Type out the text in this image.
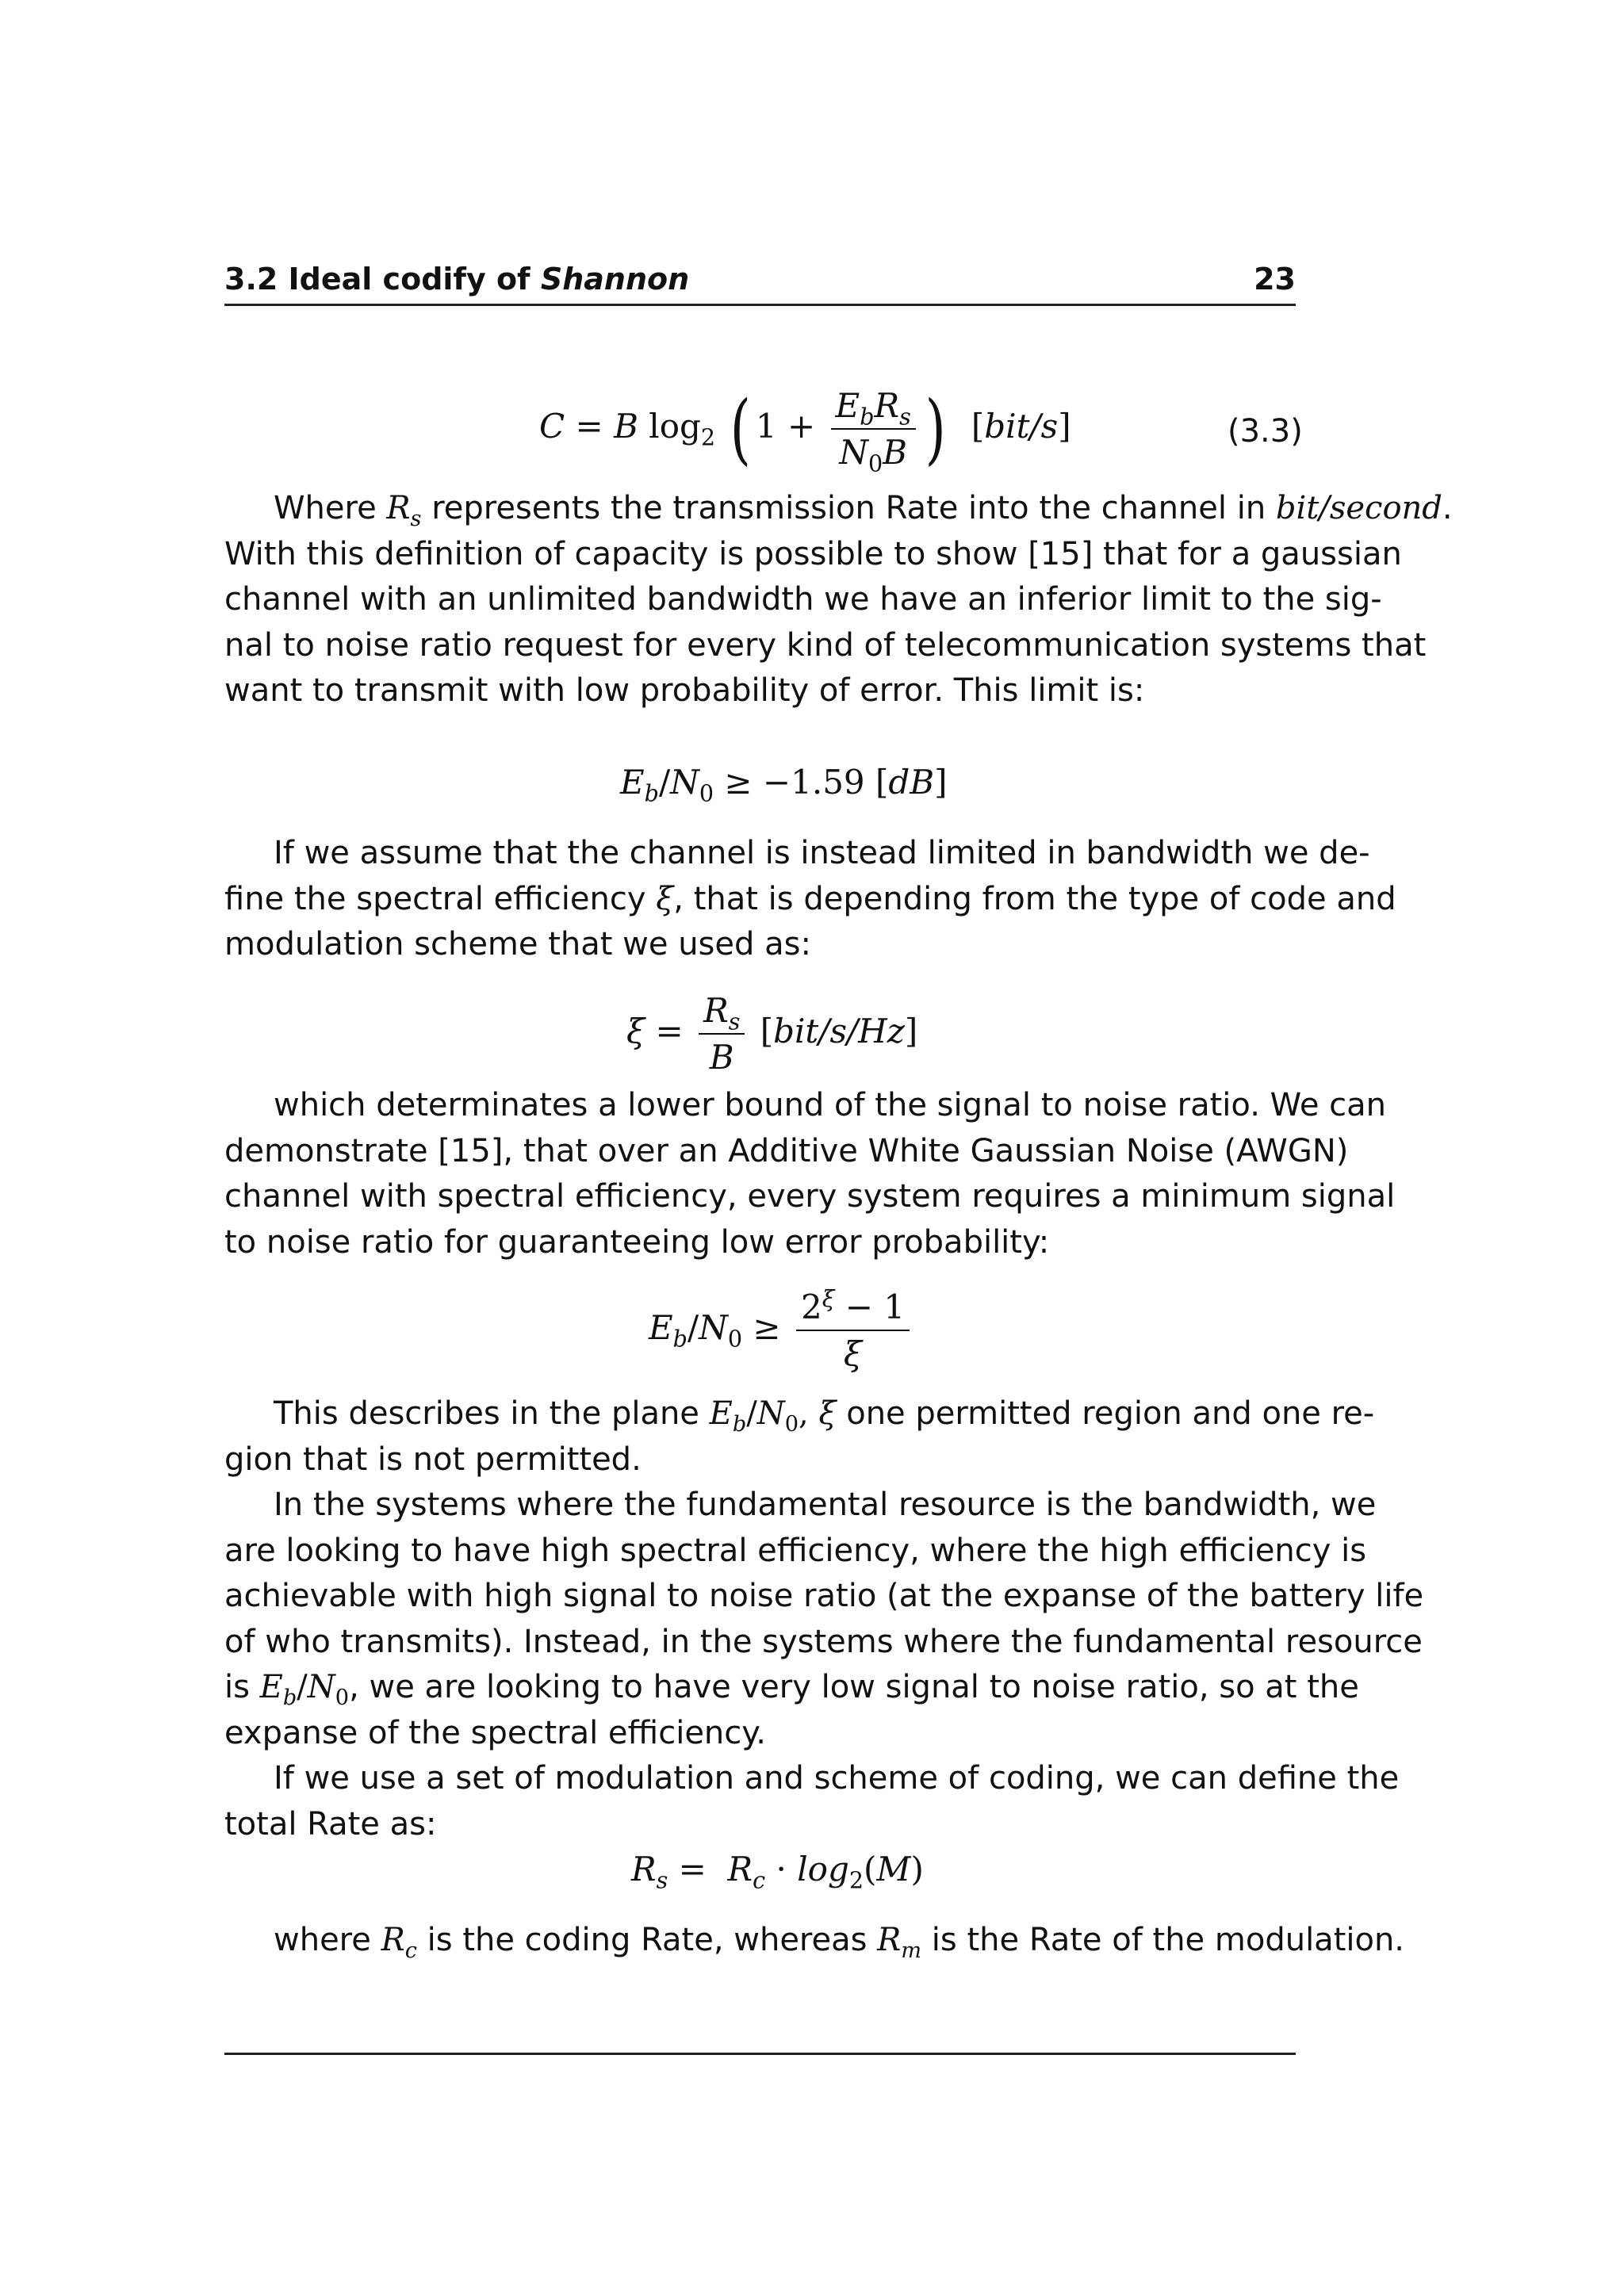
3.2 Ideal codify of Shannon	23
C = B $\log_2$ ( $1 + \frac{E_bR_s}{N_0B}$ ) [bit/s]	(3.3)
Where $R_s$ represents the transmission Rate into the channel in bit/second.
With this definition of capacity is possible to show [15] that for a gaussian
channel with an unlimited bandwidth we have an inferior limit to the sig-
nal to noise ratio request for every kind of telecommunication systems that
want to transmit with low probability of error. This limit is:
$E_b/N_0 \ge -1.59$ [dB]
If we assume that the channel is instead limited in bandwidth we de-
fine the spectral efficiency ξ, that is depending from the type of code and
modulation scheme that we used as:
$\xi = \frac{R_s}{B} [bit/s/Hz]$
which determinates a lower bound of the signal to noise ratio. We can
demonstrate [15], that over an Additive White Gaussian Noise (AWGN)
channel with spectral efficiency, every system requires a minimum signal
to noise ratio for guaranteeing low error probability:
$E_b/N_0 \ge \frac{2^\xi - 1}{\xi}$
This describes in the plane $E_b/N_0$, ξ one permitted region and one re-
gion that is not permitted.
In the systems where the fundamental resource is the bandwidth, we
are looking to have high spectral efficiency, where the high efficiency is
achievable with high signal to noise ratio (at the expanse of the battery life
of who transmits). Instead, in the systems where the fundamental resource
is $E_b/N_0$, we are looking to have very low signal to noise ratio, so at the
expanse of the spectral efficiency.
If we use a set of modulation and scheme of coding, we can define the
total Rate as:
$R_s = R_c \cdot \log_2(M)$
where $R_c$ is the coding Rate, whereas $R_m$ is the Rate of the modulation.
